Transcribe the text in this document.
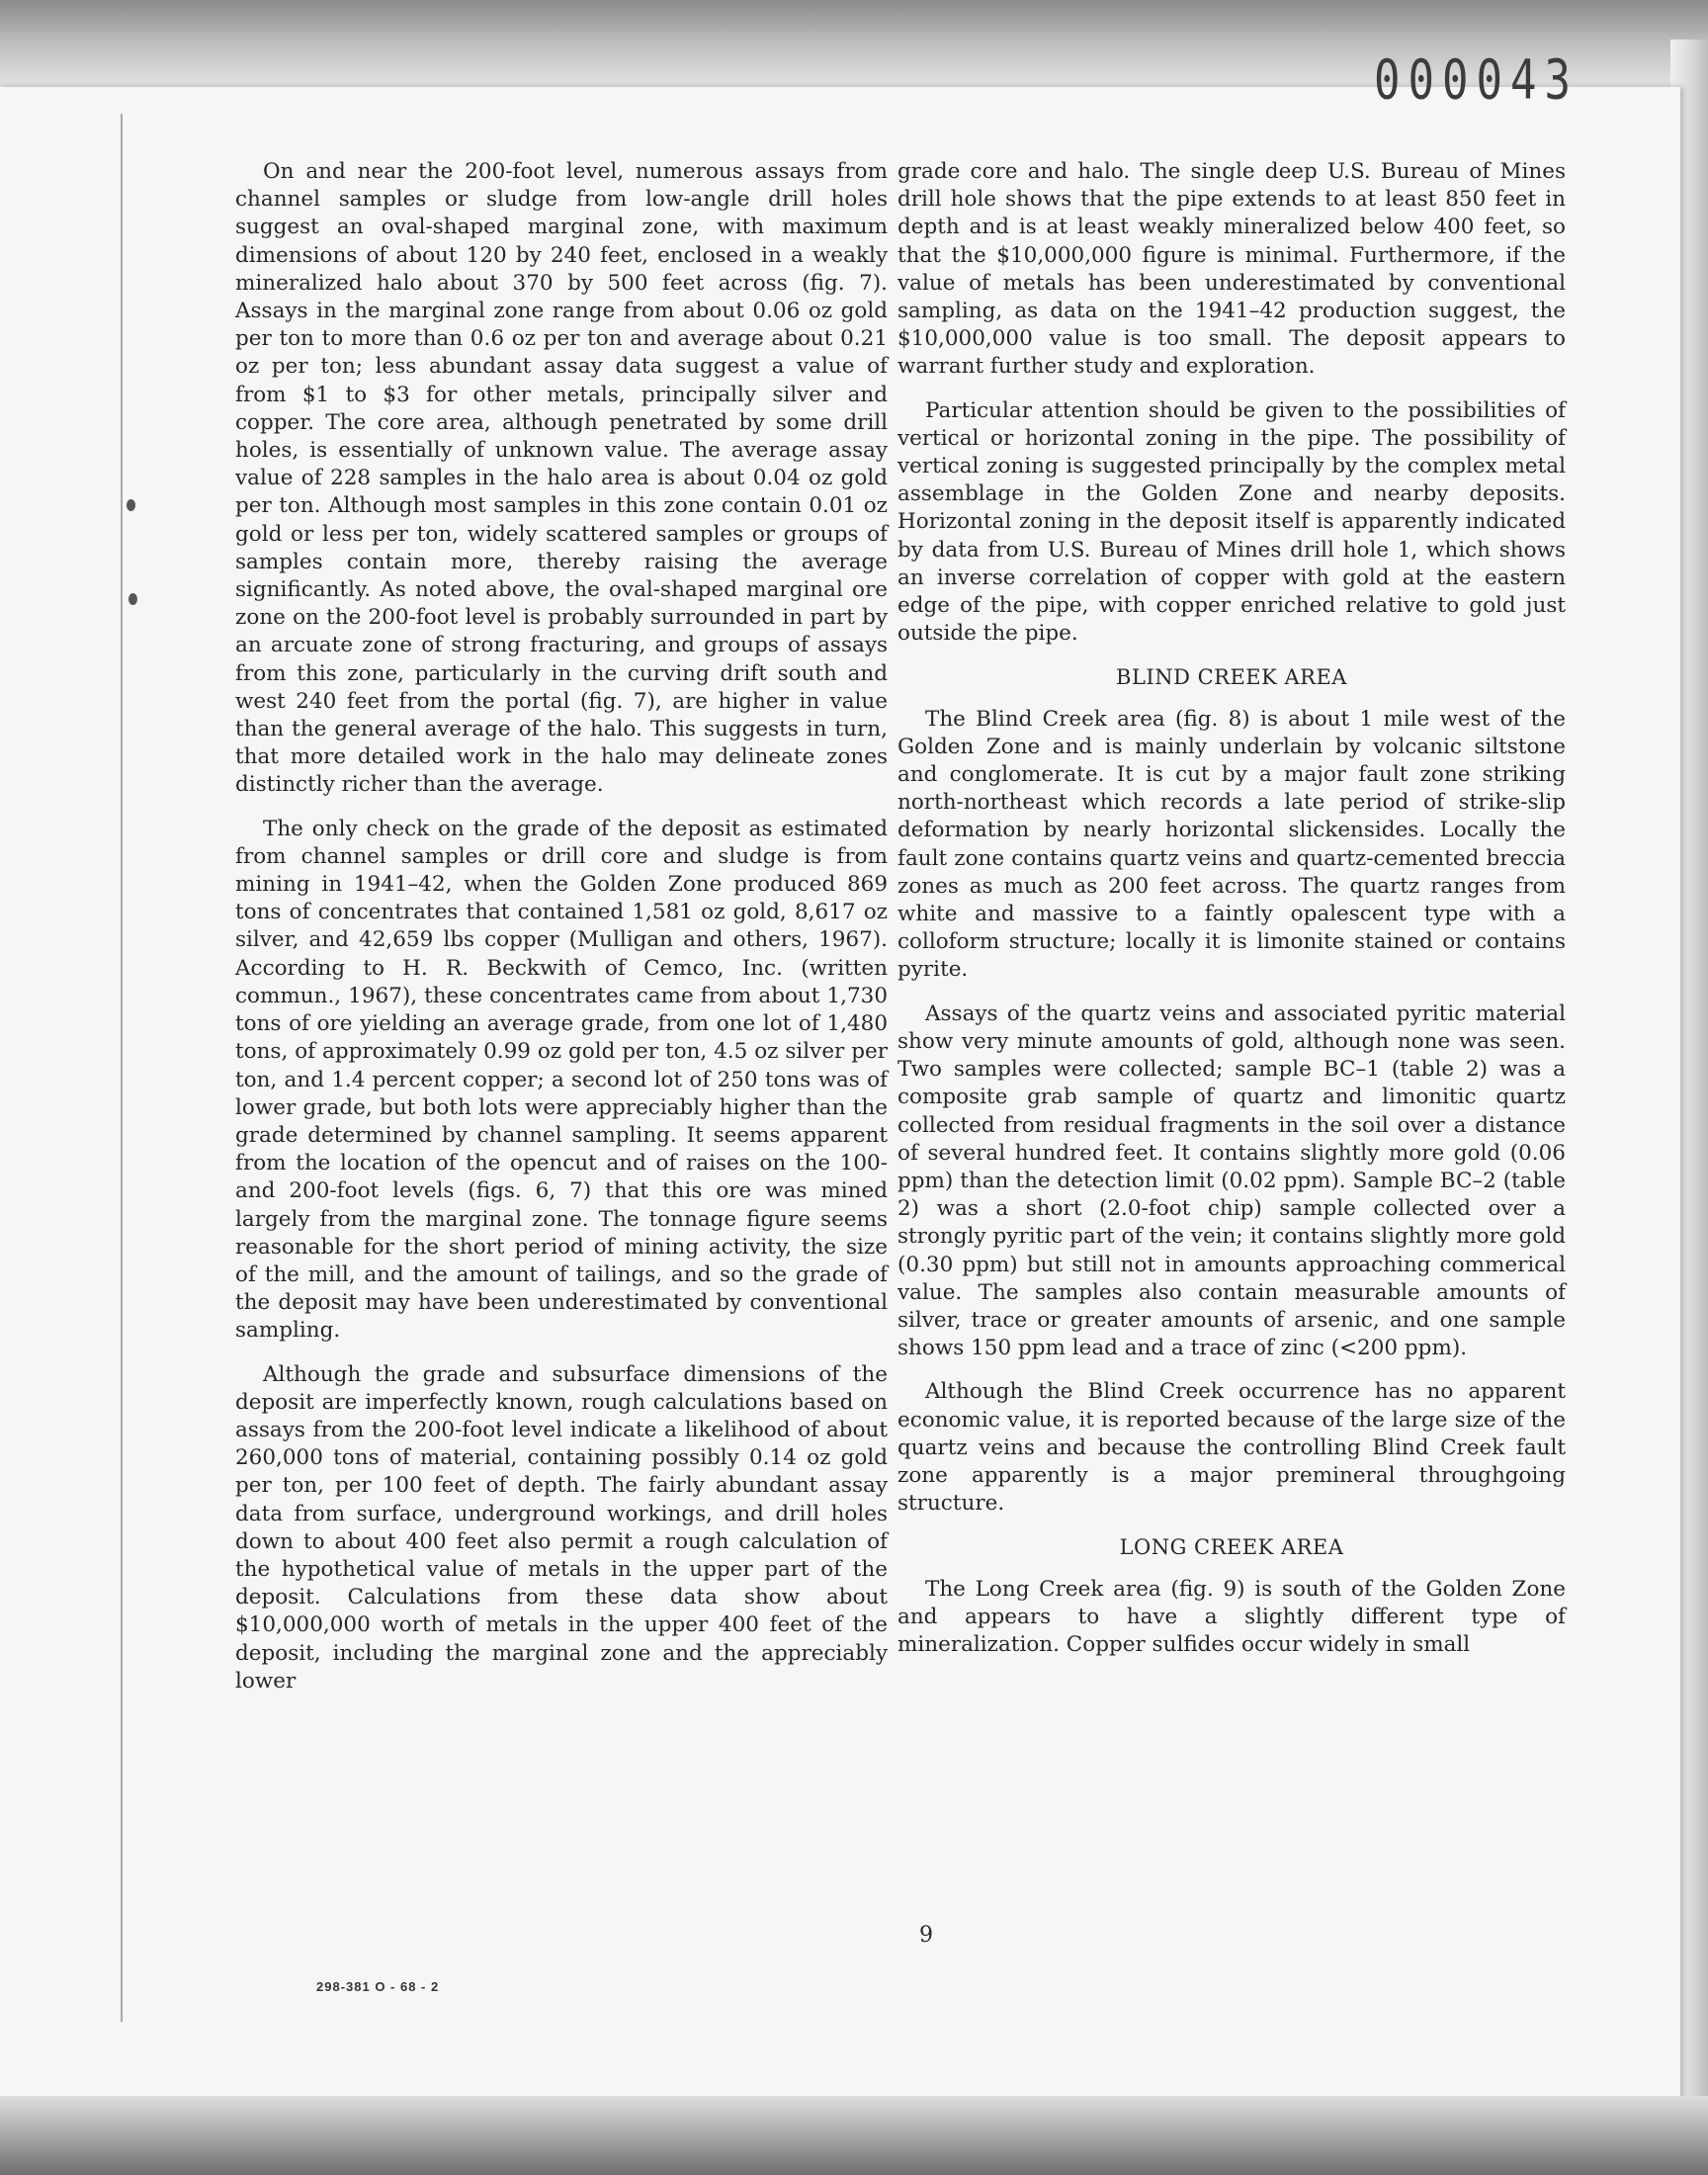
000043

On and near the 200-foot level, numerous assays from channel samples or sludge from low-angle drill holes suggest an oval-shaped marginal zone, with maximum dimensions of about 120 by 240 feet, enclosed in a weakly mineralized halo about 370 by 500 feet across (fig. 7). Assays in the marginal zone range from about 0.06 oz gold per ton to more than 0.6 oz per ton and average about 0.21 oz per ton; less abundant assay data suggest a value of from $1 to $3 for other metals, principally silver and copper. The core area, although penetrated by some drill holes, is essentially of unknown value. The average assay value of 228 samples in the halo area is about 0.04 oz gold per ton. Although most samples in this zone contain 0.01 oz gold or less per ton, widely scattered samples or groups of samples contain more, thereby raising the average significantly. As noted above, the oval-shaped marginal ore zone on the 200-foot level is probably surrounded in part by an arcuate zone of strong fracturing, and groups of assays from this zone, particularly in the curving drift south and west 240 feet from the portal (fig. 7), are higher in value than the general average of the halo. This suggests in turn, that more detailed work in the halo may delineate zones distinctly richer than the average.

The only check on the grade of the deposit as estimated from channel samples or drill core and sludge is from mining in 1941–42, when the Golden Zone produced 869 tons of concentrates that contained 1,581 oz gold, 8,617 oz silver, and 42,659 lbs copper (Mulligan and others, 1967). According to H. R. Beckwith of Cemco, Inc. (written commun., 1967), these concentrates came from about 1,730 tons of ore yielding an average grade, from one lot of 1,480 tons, of approximately 0.99 oz gold per ton, 4.5 oz silver per ton, and 1.4 percent copper; a second lot of 250 tons was of lower grade, but both lots were appreciably higher than the grade determined by channel sampling. It seems apparent from the location of the opencut and of raises on the 100- and 200-foot levels (figs. 6, 7) that this ore was mined largely from the marginal zone. The tonnage figure seems reasonable for the short period of mining activity, the size of the mill, and the amount of tailings, and so the grade of the deposit may have been underestimated by conventional sampling.

Although the grade and subsurface dimensions of the deposit are imperfectly known, rough calculations based on assays from the 200-foot level indicate a likelihood of about 260,000 tons of material, containing possibly 0.14 oz gold per ton, per 100 feet of depth. The fairly abundant assay data from surface, underground workings, and drill holes down to about 400 feet also permit a rough calculation of the hypothetical value of metals in the upper part of the deposit. Calculations from these data show about $10,000,000 worth of metals in the upper 400 feet of the deposit, including the marginal zone and the appreciably lower

grade core and halo. The single deep U.S. Bureau of Mines drill hole shows that the pipe extends to at least 850 feet in depth and is at least weakly mineralized below 400 feet, so that the $10,000,000 figure is minimal. Furthermore, if the value of metals has been underestimated by conventional sampling, as data on the 1941–42 production suggest, the $10,000,000 value is too small. The deposit appears to warrant further study and exploration.

Particular attention should be given to the possibilities of vertical or horizontal zoning in the pipe. The possibility of vertical zoning is suggested principally by the complex metal assemblage in the Golden Zone and nearby deposits. Horizontal zoning in the deposit itself is apparently indicated by data from U.S. Bureau of Mines drill hole 1, which shows an inverse correlation of copper with gold at the eastern edge of the pipe, with copper enriched relative to gold just outside the pipe.

BLIND CREEK AREA

The Blind Creek area (fig. 8) is about 1 mile west of the Golden Zone and is mainly underlain by volcanic siltstone and conglomerate. It is cut by a major fault zone striking north-northeast which records a late period of strike-slip deformation by nearly horizontal slickensides. Locally the fault zone contains quartz veins and quartz-cemented breccia zones as much as 200 feet across. The quartz ranges from white and massive to a faintly opalescent type with a colloform structure; locally it is limonite stained or contains pyrite.

Assays of the quartz veins and associated pyritic material show very minute amounts of gold, although none was seen. Two samples were collected; sample BC–1 (table 2) was a composite grab sample of quartz and limonitic quartz collected from residual fragments in the soil over a distance of several hundred feet. It contains slightly more gold (0.06 ppm) than the detection limit (0.02 ppm). Sample BC–2 (table 2) was a short (2.0-foot chip) sample collected over a strongly pyritic part of the vein; it contains slightly more gold (0.30 ppm) but still not in amounts approaching commerical value. The samples also contain measurable amounts of silver, trace or greater amounts of arsenic, and one sample shows 150 ppm lead and a trace of zinc (<200 ppm).

Although the Blind Creek occurrence has no apparent economic value, it is reported because of the large size of the quartz veins and because the controlling Blind Creek fault zone apparently is a major premineral throughgoing structure.

LONG CREEK AREA

The Long Creek area (fig. 9) is south of the Golden Zone and appears to have a slightly different type of mineralization. Copper sulfides occur widely in small

9
298-381 O - 68 - 2
